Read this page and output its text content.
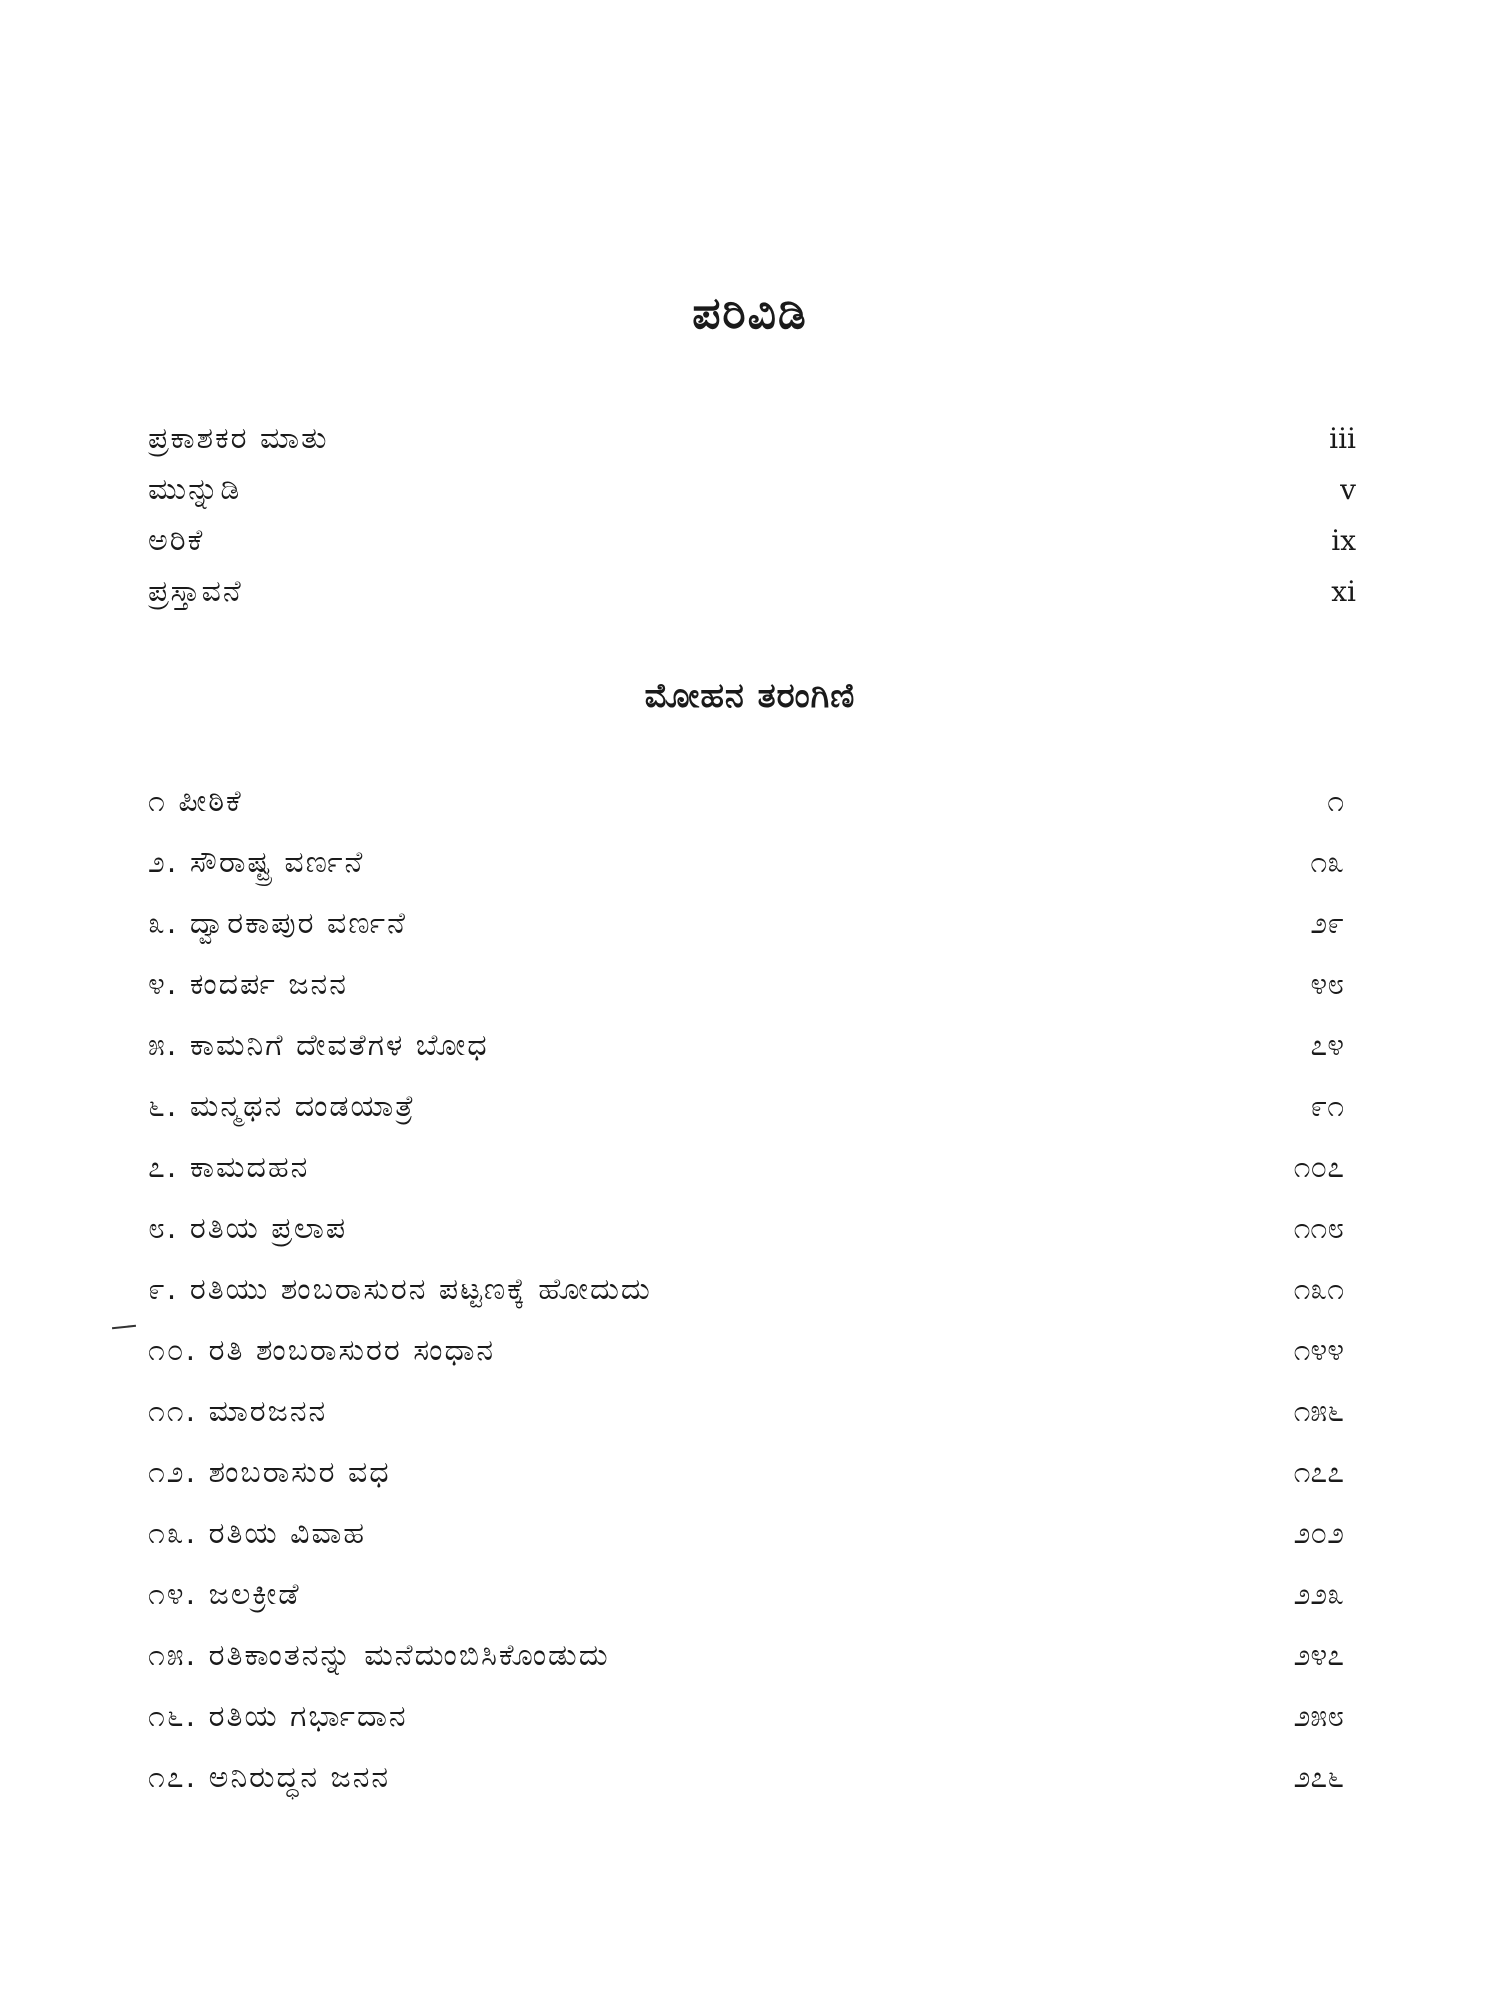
ಪರಿವಿಡಿ
ಪ್ರಕಾಶಕರ ಮಾತು	iii
ಮುನ್ನುಡಿ	v
ಅರಿಕೆ	ix
ಪ್ರಸ್ತಾವನೆ	xi
ಮೋಹನ ತರಂಗಿಣಿ
೧ ಪೀಠಿಕೆ	೧
೨. ಸೌರಾಷ್ಟ್ರ ವರ್ಣನೆ	೧೩
೩. ದ್ವಾರಕಾಪುರ ವರ್ಣನೆ	೨೯
೪. ಕಂದರ್ಪ ಜನನ	೪೮
೫. ಕಾಮನಿಗೆ ದೇವತೆಗಳ ಬೋಧ	೭೪
೬. ಮನ್ಮಥನ ದಂಡಯಾತ್ರೆ	೯೧
೭. ಕಾಮದಹನ	೧೦೭
೮. ರತಿಯ ಪ್ರಲಾಪ	೧೧೮
೯. ರತಿಯು ಶಂಬರಾಸುರನ ಪಟ್ಟಣಕ್ಕೆ ಹೋದುದು	೧೩೧
೧೦. ರತಿ ಶಂಬರಾಸುರರ ಸಂಧಾನ	೧೪೪
೧೧. ಮಾರಜನನ	೧೫೬
೧೨. ಶಂಬರಾಸುರ ವಧ	೧೭೭
೧೩. ರತಿಯ ವಿವಾಹ	೨೦೨
೧೪. ಜಲಕ್ರೀಡೆ	೨೨೩
೧೫. ರತಿಕಾಂತನನ್ನು ಮನೆದುಂಬಿಸಿಕೊಂಡುದು	೨೪೭
೧೬. ರತಿಯ ಗರ್ಭಾದಾನ	೨೫೮
೧೭. ಅನಿರುದ್ಧನ ಜನನ	೨೭೬
